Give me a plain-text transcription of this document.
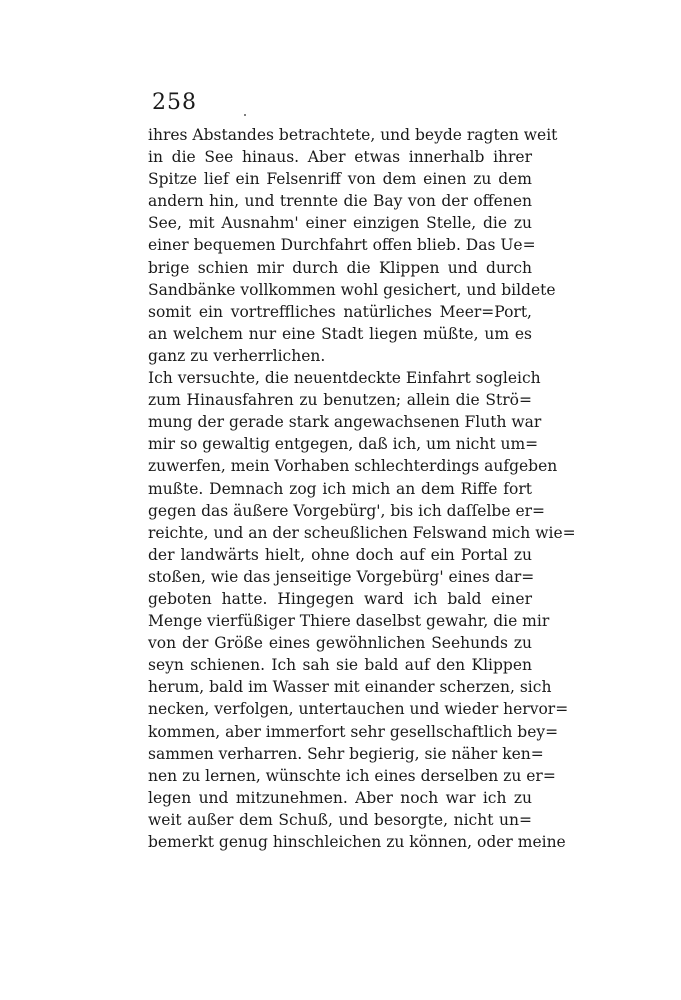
258
ihres Abstandes betrachtete, und beyde ragten weit
in die See hinaus. Aber etwas innerhalb ihrer
Spitze lief ein Felsenriff von dem einen zu dem
andern hin, und trennte die Bay von der offenen
See, mit Ausnahm' einer einzigen Stelle, die zu
einer bequemen Durchfahrt offen blieb. Das Ue=
brige schien mir durch die Klippen und durch
Sandbänke vollkommen wohl gesichert, und bildete
somit ein vortreffliches natürliches Meer=Port,
an welchem nur eine Stadt liegen müßte, um es
ganz zu verherrlichen.
Ich versuchte, die neuentdeckte Einfahrt sogleich
zum Hinausfahren zu benutzen; allein die Strö=
mung der gerade stark angewachsenen Fluth war
mir so gewaltig entgegen, daß ich, um nicht um=
zuwerfen, mein Vorhaben schlechterdings aufgeben
mußte. Demnach zog ich mich an dem Riffe fort
gegen das äußere Vorgebürg', bis ich daſſelbe er=
reichte, und an der scheußlichen Felswand mich wie=
der landwärts hielt, ohne doch auf ein Portal zu
stoßen, wie das jenseitige Vorgebürg' eines dar=
geboten hatte. Hingegen ward ich bald einer
Menge vierfüßiger Thiere daselbst gewahr, die mir
von der Größe eines gewöhnlichen Seehunds zu
seyn schienen. Ich sah sie bald auf den Klippen
herum, bald im Wasser mit einander scherzen, sich
necken, verfolgen, untertauchen und wieder hervor=
kommen, aber immerfort sehr gesellschaftlich bey=
sammen verharren. Sehr begierig, sie näher ken=
nen zu lernen, wünschte ich eines derselben zu er=
legen und mitzunehmen. Aber noch war ich zu
weit außer dem Schuß, und besorgte, nicht un=
bemerkt genug hinschleichen zu können, oder meine
